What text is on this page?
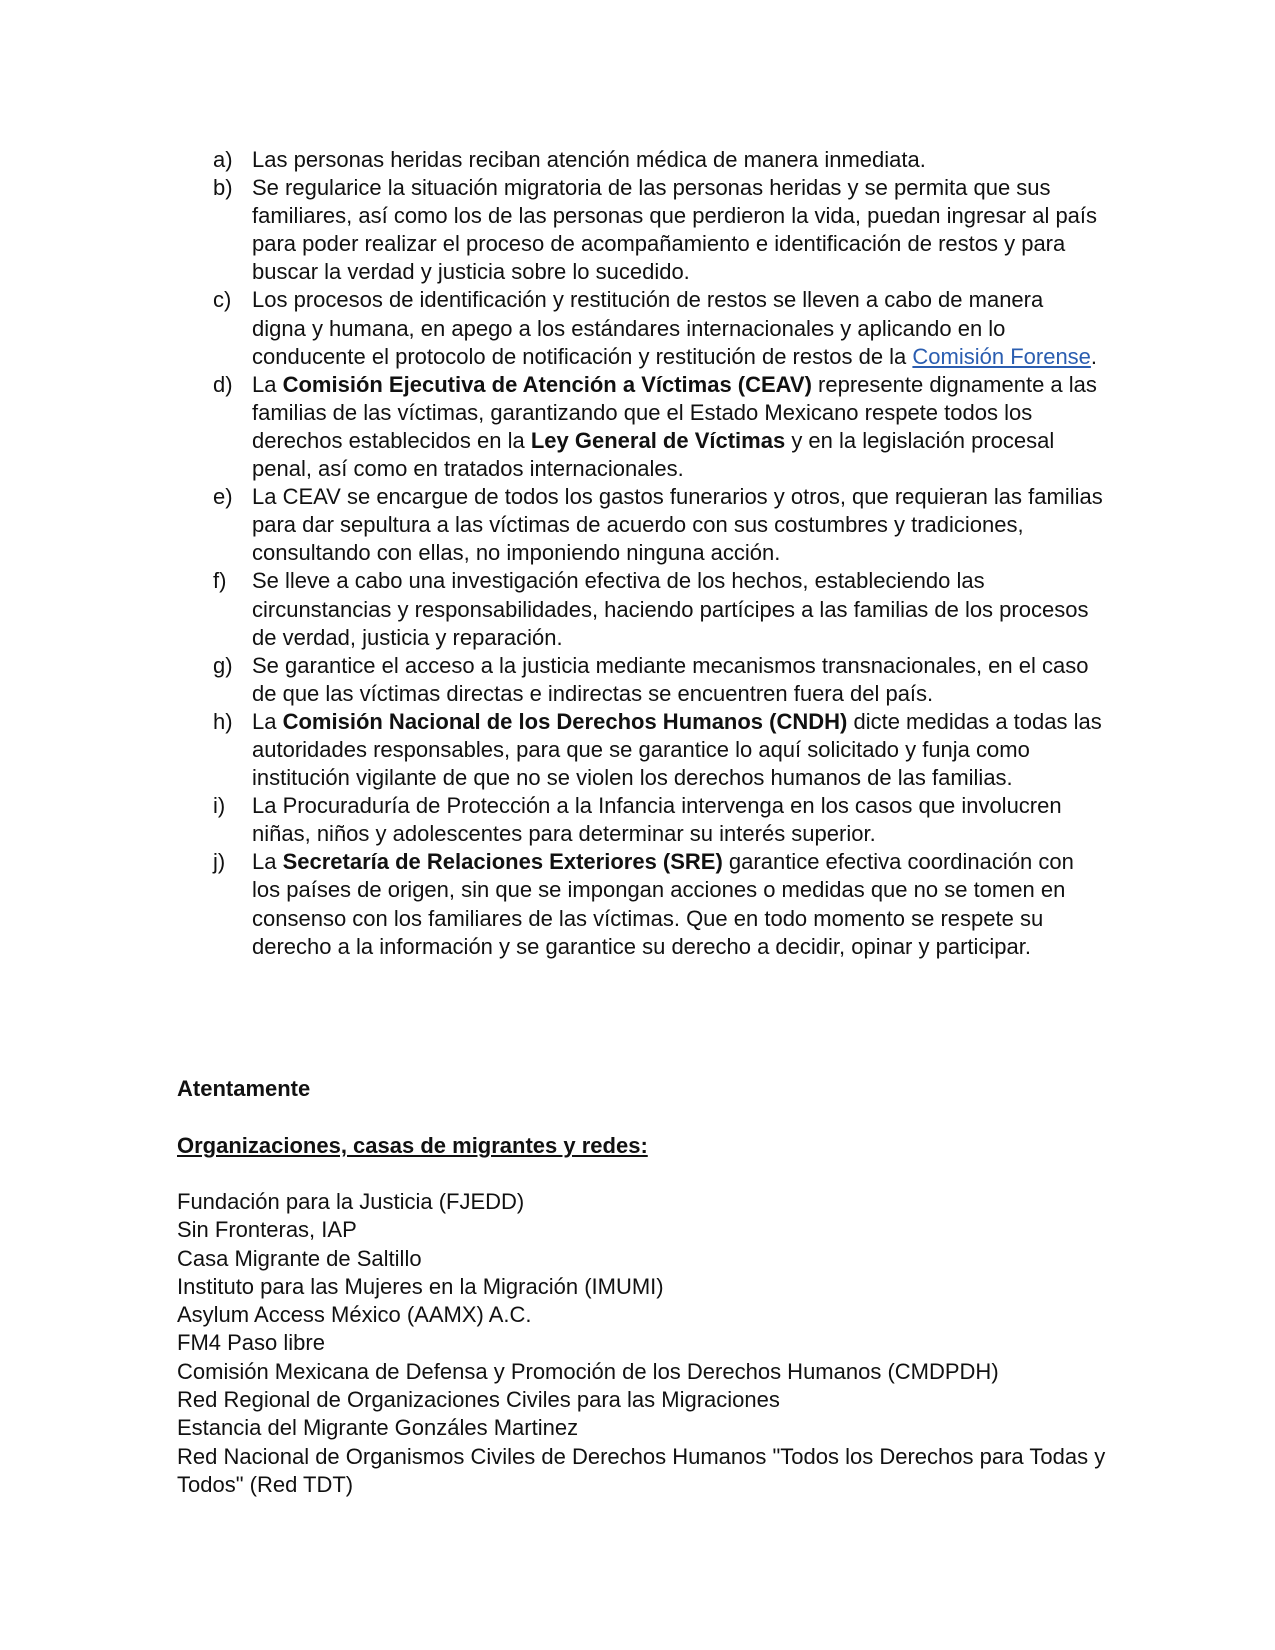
a) Las personas heridas reciban atención médica de manera inmediata.
b) Se regularice la situación migratoria de las personas heridas y se permita que sus familiares, así como los de las personas que perdieron la vida, puedan ingresar al país para poder realizar el proceso de acompañamiento e identificación de restos y para buscar la verdad y justicia sobre lo sucedido.
c) Los procesos de identificación y restitución de restos se lleven a cabo de manera digna y humana, en apego a los estándares internacionales y aplicando en lo conducente el protocolo de notificación y restitución de restos de la Comisión Forense.
d) La Comisión Ejecutiva de Atención a Víctimas (CEAV) represente dignamente a las familias de las víctimas, garantizando que el Estado Mexicano respete todos los derechos establecidos en la Ley General de Víctimas y en la legislación procesal penal, así como en tratados internacionales.
e) La CEAV se encargue de todos los gastos funerarios y otros, que requieran las familias para dar sepultura a las víctimas de acuerdo con sus costumbres y tradiciones, consultando con ellas, no imponiendo ninguna acción.
f)	Se lleve a cabo una investigación efectiva de los hechos, estableciendo las circunstancias y responsabilidades, haciendo partícipes a las familias de los procesos de verdad, justicia y reparación.
g) Se garantice el acceso a la justicia mediante mecanismos transnacionales, en el caso de que las víctimas directas e indirectas se encuentren fuera del país.
h) La Comisión Nacional de los Derechos Humanos (CNDH) dicte medidas a todas las autoridades responsables, para que se garantice lo aquí solicitado y funja como institución vigilante de que no se violen los derechos humanos de las familias.
i)	La Procuraduría de Protección a la Infancia intervenga en los casos que involucren niñas, niños y adolescentes para determinar su interés superior.
j)	La Secretaría de Relaciones Exteriores (SRE) garantice efectiva coordinación con los países de origen, sin que se impongan acciones o medidas que no se tomen en consenso con los familiares de las víctimas. Que en todo momento se respete su derecho a la información y se garantice su derecho a decidir, opinar y participar.
Atentamente
Organizaciones, casas de migrantes y redes:
Fundación para la Justicia (FJEDD)
Sin Fronteras, IAP
Casa Migrante de Saltillo
Instituto para las Mujeres en la Migración (IMUMI)
Asylum Access México (AAMX) A.C.
FM4 Paso libre
Comisión Mexicana de Defensa y Promoción de los Derechos Humanos (CMDPDH)
Red Regional de Organizaciones Civiles para las Migraciones
Estancia del Migrante Gonzáles Martinez
Red Nacional de Organismos Civiles de Derechos Humanos "Todos los Derechos para Todas y Todos" (Red TDT)
